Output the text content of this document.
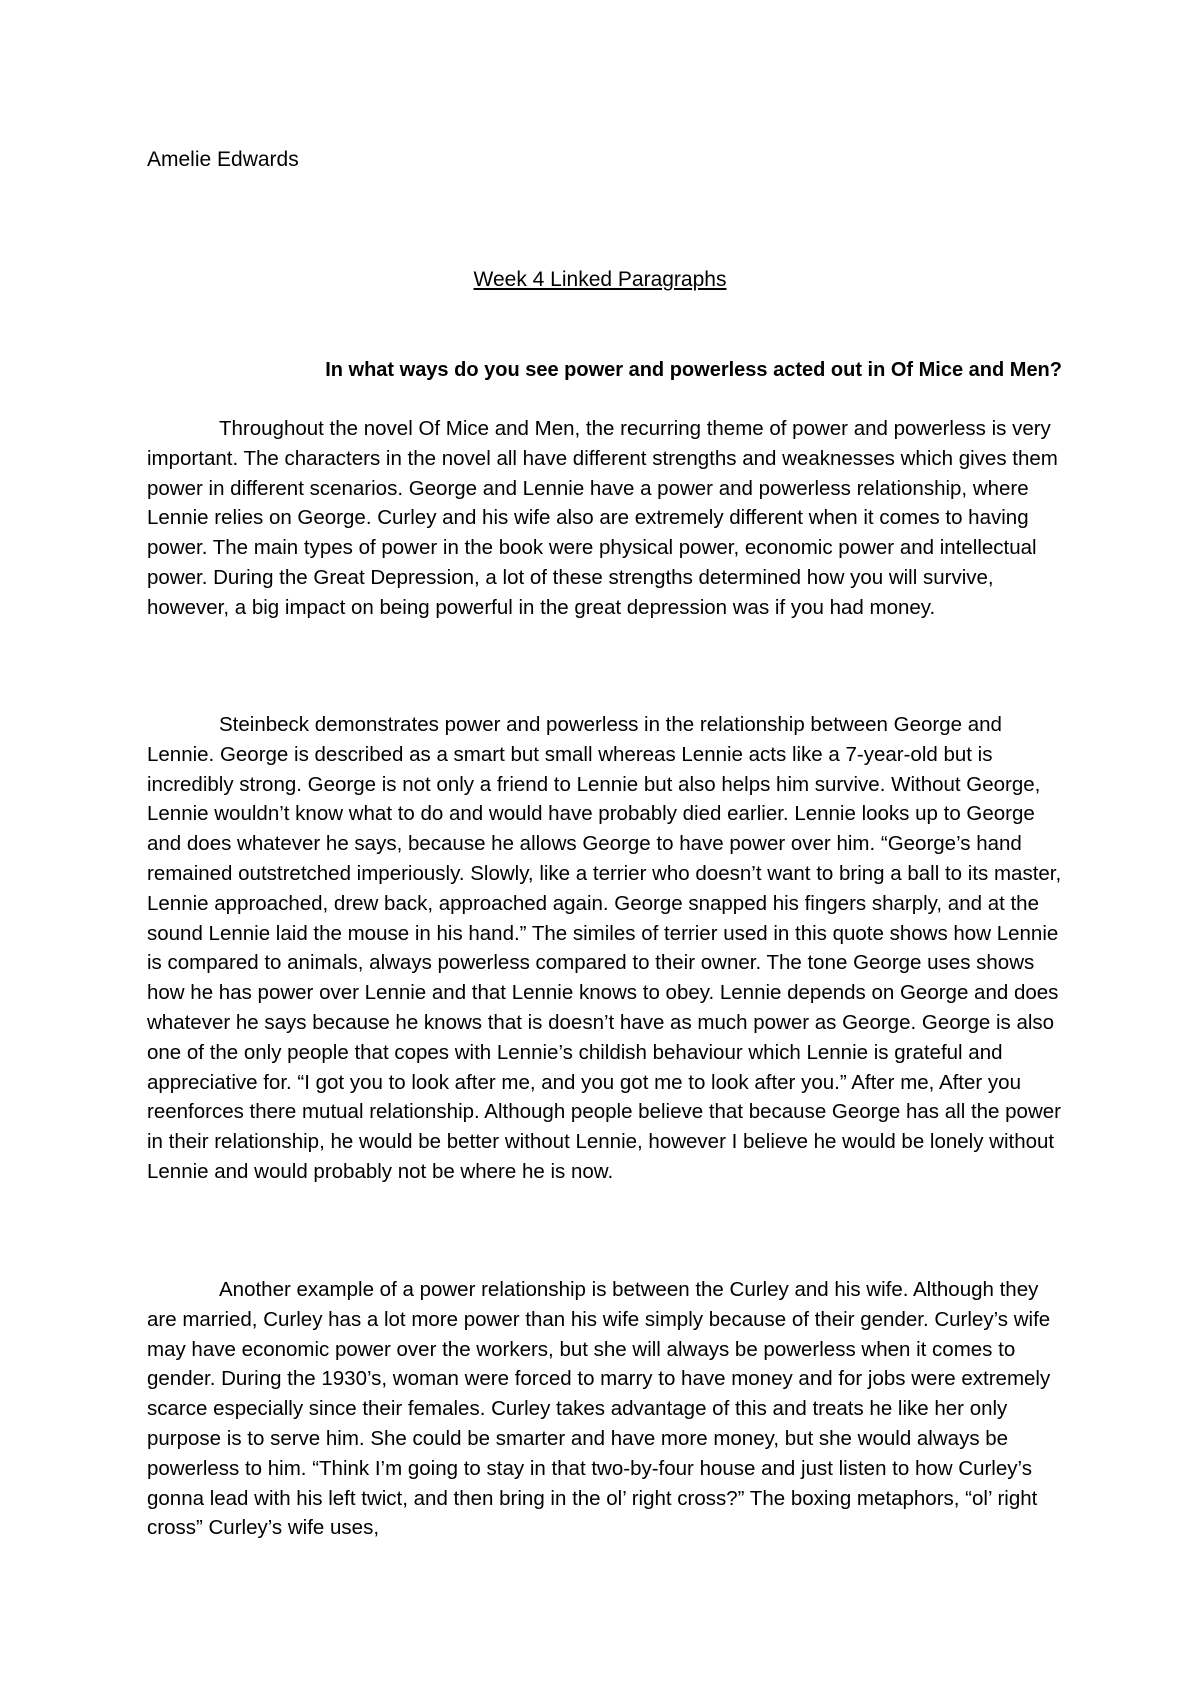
Amelie Edwards

Week 4 Linked Paragraphs

In what ways do you see power and powerless acted out in Of Mice and Men?

Throughout the novel Of Mice and Men, the recurring theme of power and powerless is very important. The characters in the novel all have different strengths and weaknesses which gives them power in different scenarios. George and Lennie have a power and powerless relationship, where Lennie relies on George. Curley and his wife also are extremely different when it comes to having power. The main types of power in the book were physical power, economic power and intellectual power. During the Great Depression, a lot of these strengths determined how you will survive, however, a big impact on being powerful in the great depression was if you had money.

Steinbeck demonstrates power and powerless in the relationship between George and Lennie. George is described as a smart but small whereas Lennie acts like a 7-year-old but is incredibly strong. George is not only a friend to Lennie but also helps him survive. Without George, Lennie wouldn’t know what to do and would have probably died earlier. Lennie looks up to George and does whatever he says, because he allows George to have power over him. “George’s hand remained outstretched imperiously. Slowly, like a terrier who doesn’t want to bring a ball to its master, Lennie approached, drew back, approached again. George snapped his fingers sharply, and at the sound Lennie laid the mouse in his hand.” The similes of terrier used in this quote shows how Lennie is compared to animals, always powerless compared to their owner. The tone George uses shows how he has power over Lennie and that Lennie knows to obey. Lennie depends on George and does whatever he says because he knows that is doesn’t have as much power as George. George is also one of the only people that copes with Lennie’s childish behaviour which Lennie is grateful and appreciative for. “I got you to look after me, and you got me to look after you.” After me, After you reenforces there mutual relationship. Although people believe that because George has all the power in their relationship, he would be better without Lennie, however I believe he would be lonely without Lennie and would probably not be where he is now.

Another example of a power relationship is between the Curley and his wife. Although they are married, Curley has a lot more power than his wife simply because of their gender. Curley’s wife may have economic power over the workers, but she will always be powerless when it comes to gender. During the 1930’s, woman were forced to marry to have money and for jobs were extremely scarce especially since their females. Curley takes advantage of this and treats he like her only purpose is to serve him. She could be smarter and have more money, but she would always be powerless to him. “Think I’m going to stay in that two-by-four house and just listen to how Curley’s gonna lead with his left twict, and then bring in the ol’ right cross?” The boxing metaphors, “ol’ right cross” Curley’s wife uses,
